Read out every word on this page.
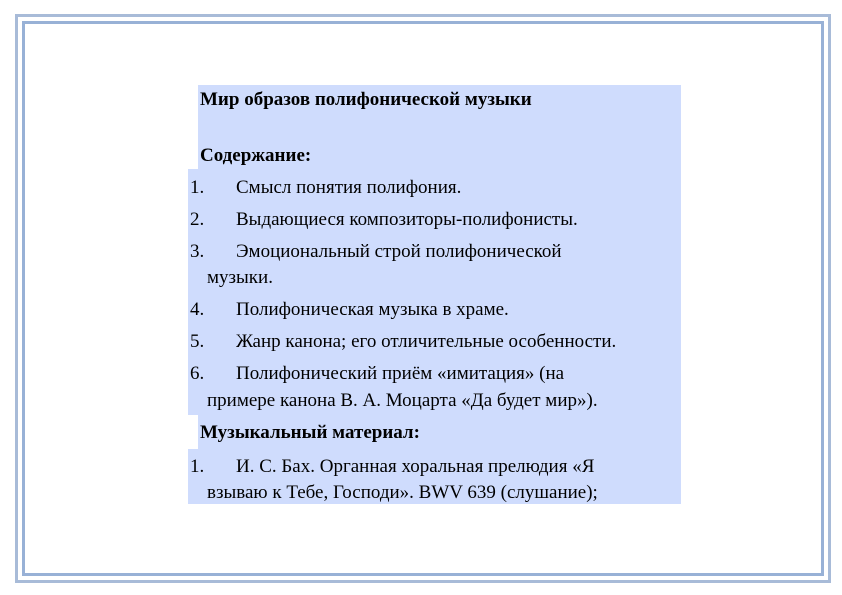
Мир образов полифонической музыки
Содержание:
1. Смысл понятия полифония.
2. Выдающиеся композиторы-полифонисты.
3. Эмоциональный строй полифонической
музыки.
4. Полифоническая музыка в храме.
5. Жанр канона; его отличительные особенности.
6. Полифонический приём «имитация» (на
примере канона В. А. Моцарта «Да будет мир»).
Музыкальный материал:
1. И. С. Бах. Органная хоральная прелюдия «Я
взываю к Тебе, Господи». BWV 639 (слушание);
